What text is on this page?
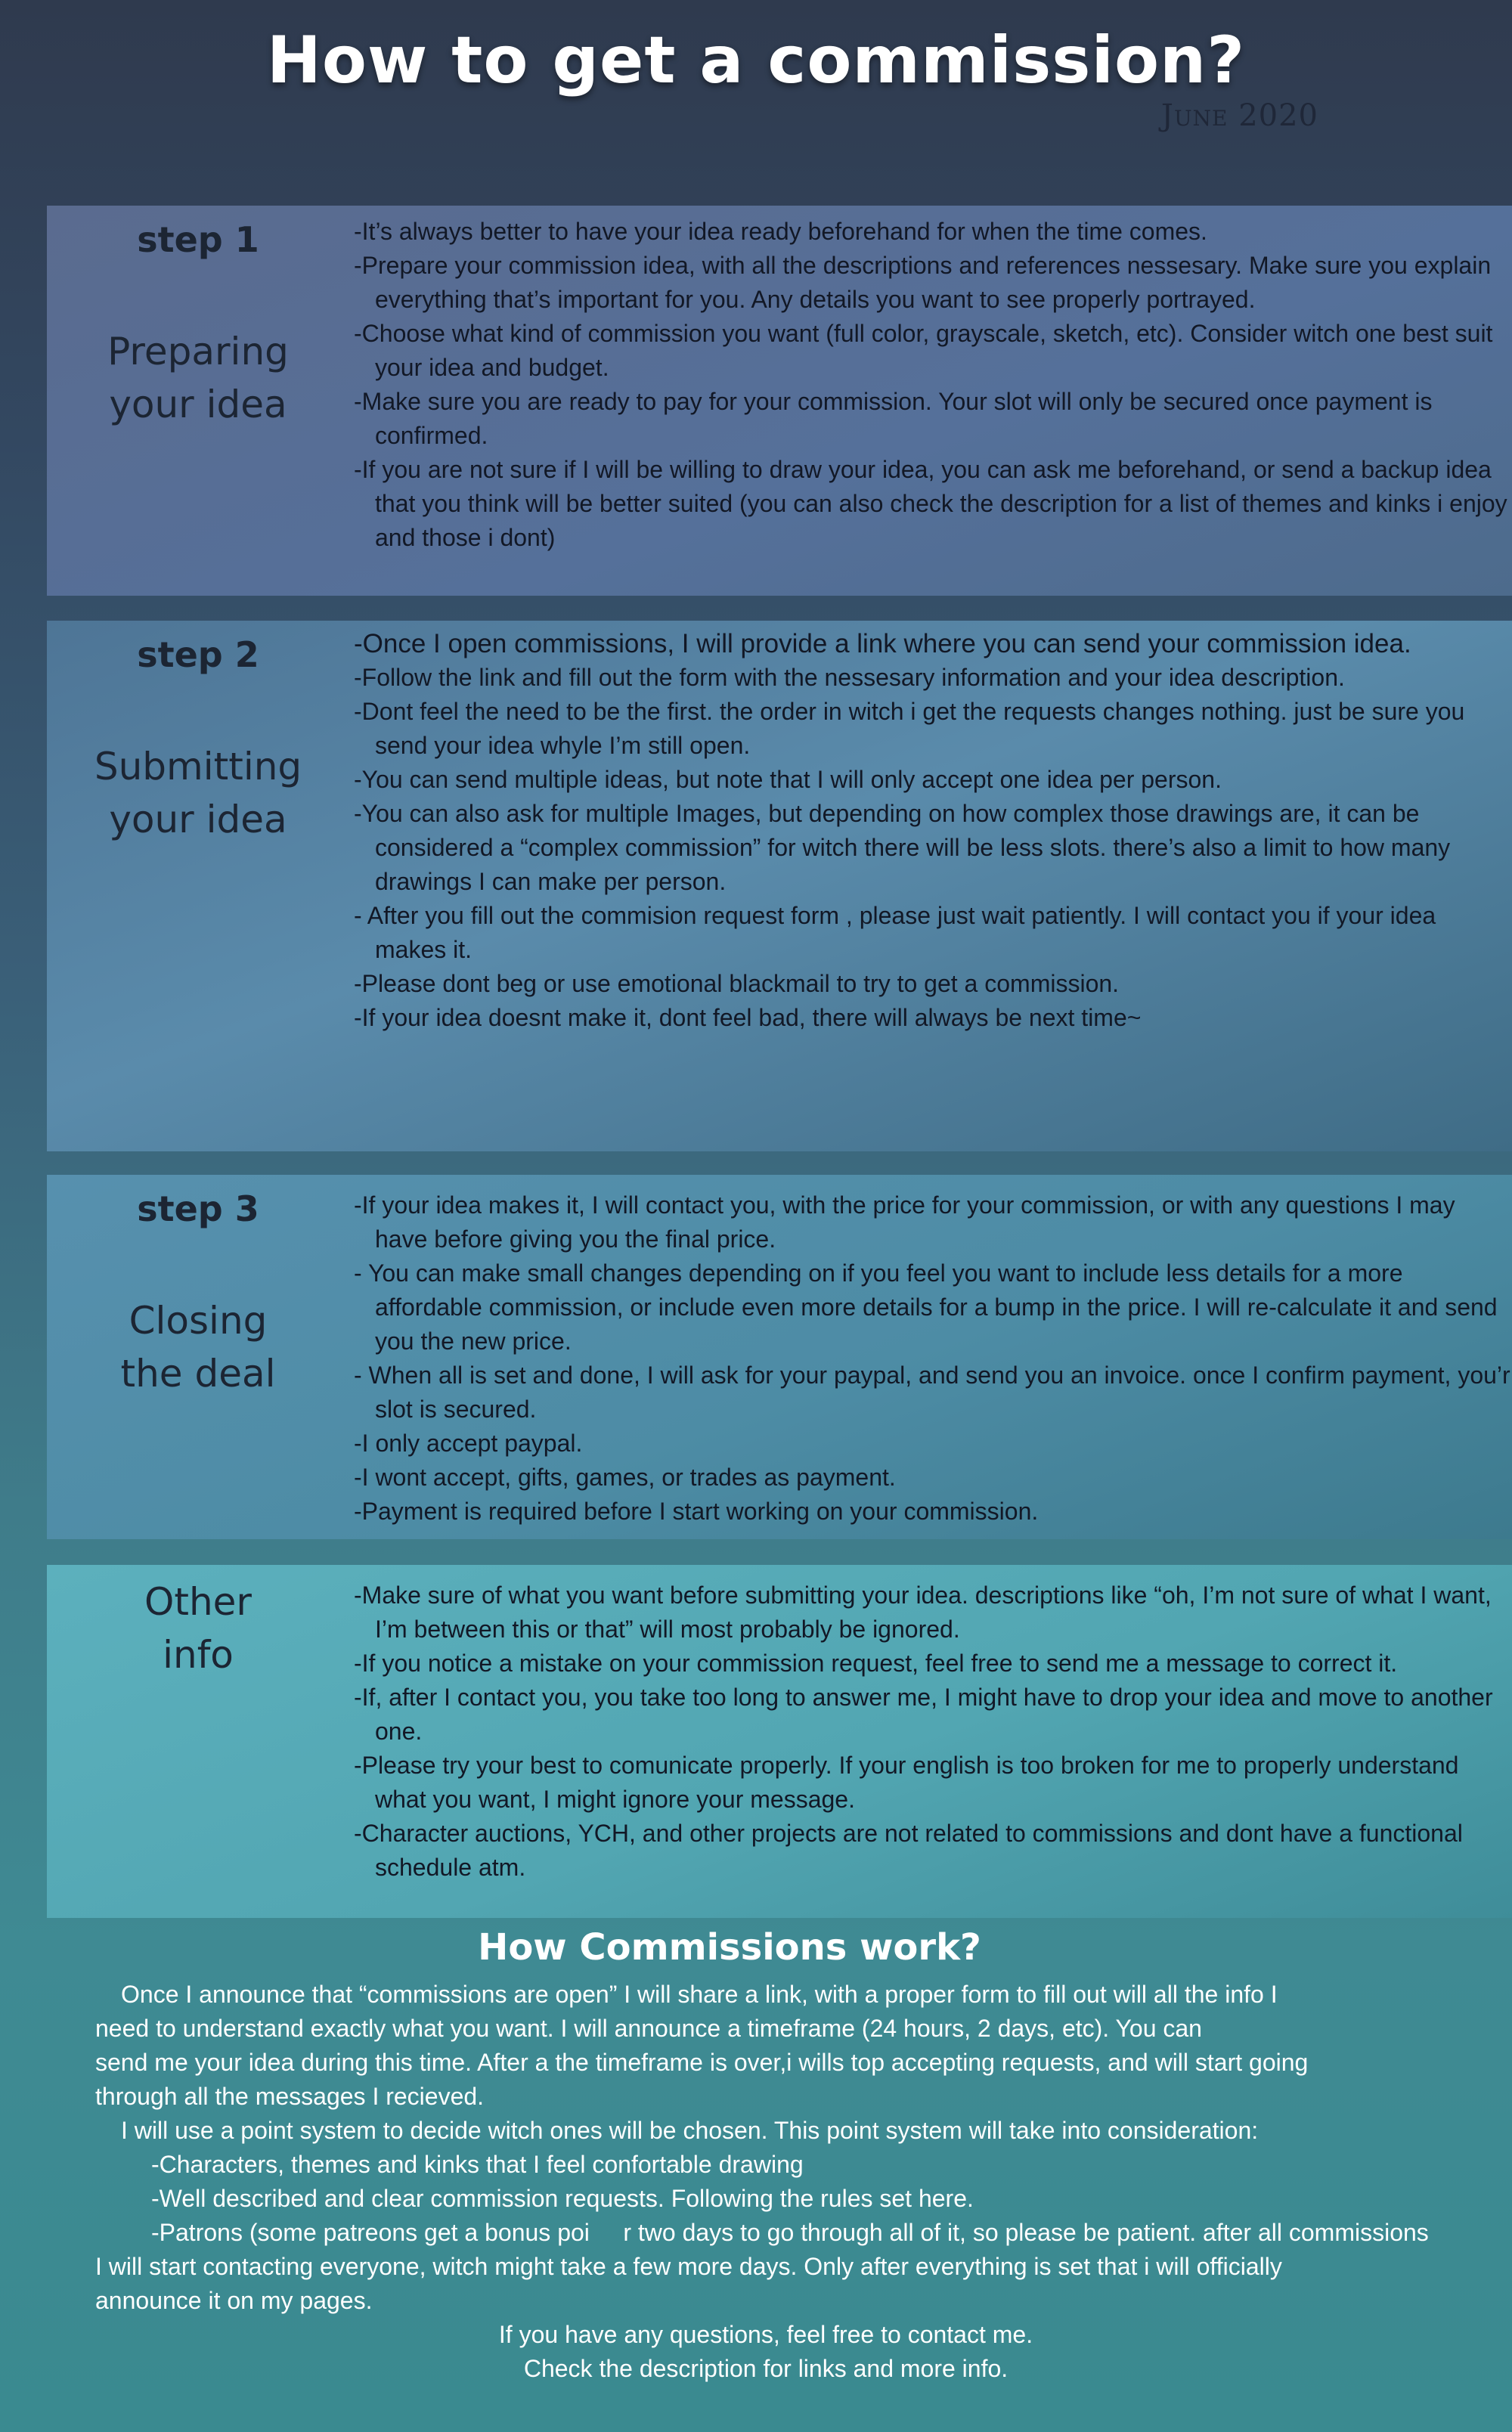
How to get a commission?
June 2020
step 1
Preparing
your idea

-It’s always better to have your idea ready beforehand for when the time comes.

-Prepare your commission idea, with all the descriptions and references nessesary. Make sure you explain everything that’s important for you. Any details you want to see properly portrayed.

-Choose what kind of commission you want (full color, grayscale, sketch, etc). Consider witch one best suit your idea and budget.

-Make sure you are ready to pay for your commission. Your slot will only be secured once payment is confirmed.

-If you are not sure if I will be willing to draw your idea, you can ask me beforehand, or send a backup idea that you think will be better suited (you can also check the description for a list of themes and kinks i enjoy and those i dont)

step 2
Submitting
your idea

-Once I open commissions, I will provide a link where you can send your commission idea.

-Follow the link and fill out the form with the nessesary information and your idea description.

-Dont feel the need to be the first. the order in witch i get the requests changes nothing. just be sure you send your idea whyle I’m still open.

-You can send multiple ideas, but note that I will only accept one idea per person.

-You can also ask for multiple Images, but depending on how complex those drawings are, it can be considered a “complex commission” for witch there will be less slots. there’s also a limit to how many drawings I can make per person.

- After you fill out the commision request form , please just wait patiently. I will contact you if your idea makes it.

-Please dont beg or use emotional blackmail to try to get a commission.

-If your idea doesnt make it, dont feel bad, there will always be next time~

step 3
Closing
the deal

-If your idea makes it, I will contact you, with the price for your commission, or with any questions I may have before giving you the final price.

- You can make small changes depending on if you feel you want to include less details for a more affordable commission, or include even more details for a bump in the price. I will re-calculate it and send you the new price.

- When all is set and done, I will ask for your paypal, and send you an invoice. once I confirm payment, you’r slot is secured.

-I only accept paypal.

-I wont accept, gifts, games, or trades as payment.

-Payment is required before I start working on your commission.

Other
info

-Make sure of what you want before submitting your idea. descriptions like “oh, I’m not sure of what I want, I’m between this or that” will most probably be ignored.

-If you notice a mistake on your commission request, feel free to send me a message to correct it.

-If, after I contact you, you take too long to answer me, I might have to drop your idea and move to another one.

-Please try your best to comunicate properly. If your english is too broken for me to properly understand what you want, I might ignore your message.

-Character auctions, YCH, and other projects are not related to commissions and dont have a functional schedule atm.

How Commissions work?

Once I announce that “commissions are open” I will share a link, with a proper form to fill out will all the info I

need to understand exactly what you want. I will announce a timeframe (24 hours, 2 days, etc). You can

send me your idea during this time. After a the timeframe is over,i wills top accepting requests, and will start going

through all the messages I recieved.

I will use a point system to decide witch ones will be chosen. This point system will take into consideration:

-Characters, themes and kinks that I feel confortable drawing

-Well described and clear commission requests. Following the rules set here.

-Patrons (some patreons get a bonus poi     r two days to go through all of it, so please be patient. after all commissions

I will start contacting everyone, witch might take a few more days. Only after everything is set that i will officially

announce it on my pages.

If you have any questions, feel free to contact me.

Check the description for links and more info.
